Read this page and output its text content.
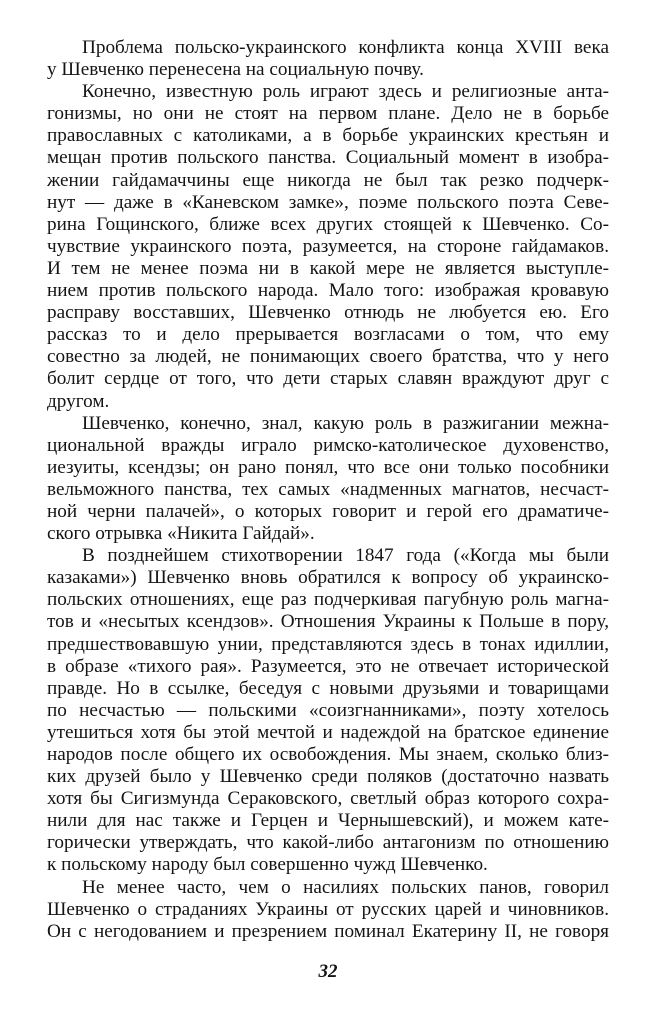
Проблема польско-украинского конфликта конца XVIII века
у Шевченко перенесена на социальную почву.
Конечно, известную роль играют здесь и религиозные анта-
гонизмы, но они не стоят на первом плане. Дело не в борьбе
православных с католиками, а в борьбе украинских крестьян и
мещан против польского панства. Социальный момент в изобра-
жении гайдамаччины еще никогда не был так резко подчерк-
нут — даже в «Каневском замке», поэме польского поэта Севе-
рина Гощинского, ближе всех других стоящей к Шевченко. Со-
чувствие украинского поэта, разумеется, на стороне гайдамаков.
И тем не менее поэма ни в какой мере не является выступле-
нием против польского народа. Мало того: изображая кровавую
расправу восставших, Шевченко отнюдь не любуется ею. Его
рассказ то и дело прерывается возгласами о том, что ему
совестно за людей, не понимающих своего братства, что у него
болит сердце от того, что дети старых славян враждуют друг с
другом.
Шевченко, конечно, знал, какую роль в разжигании межна-
циональной вражды играло римско-католическое духовенство,
иезуиты, ксендзы; он рано понял, что все они только пособники
вельможного панства, тех самых «надменных магнатов, несчаст-
ной черни палачей», о которых говорит и герой его драматиче-
ского отрывка «Никита Гайдай».
В позднейшем стихотворении 1847 года («Когда мы были
казаками») Шевченко вновь обратился к вопросу об украинско-
польских отношениях, еще раз подчеркивая пагубную роль магна-
тов и «несытых ксендзов». Отношения Украины к Польше в пору,
предшествовавшую унии, представляются здесь в тонах идиллии,
в образе «тихого рая». Разумеется, это не отвечает исторической
правде. Но в ссылке, беседуя с новыми друзьями и товарищами
по несчастью — польскими «соизгнанниками», поэту хотелось
утешиться хотя бы этой мечтой и надеждой на братское единение
народов после общего их освобождения. Мы знаем, сколько близ-
ких друзей было у Шевченко среди поляков (достаточно назвать
хотя бы Сигизмунда Сераковского, светлый образ которого сохра-
нили для нас также и Герцен и Чернышевский), и можем кате-
горически утверждать, что какой-либо антагонизм по отношению
к польскому народу был совершенно чужд Шевченко.
Не менее часто, чем о насилиях польских панов, говорил
Шевченко о страданиях Украины от русских царей и чиновников.
Он с негодованием и презрением поминал Екатерину II, не говоря
32
